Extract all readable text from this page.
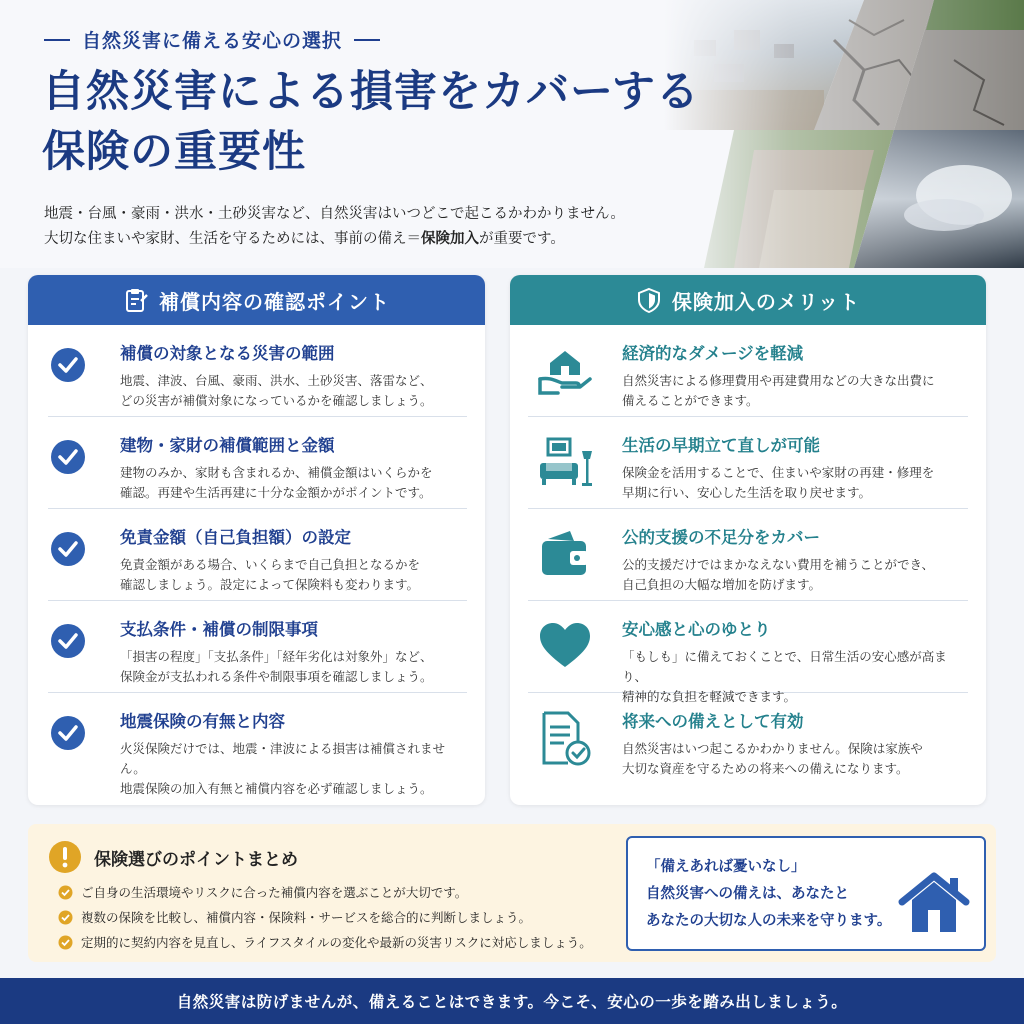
自然災害に備える安心の選択
自然災害による損害をカバーする
保険の重要性
地震・台風・豪雨・洪水・土砂災害など、自然災害はいつどこで起こるかわかりません。
大切な住まいや家財、生活を守るためには、事前の備え＝保険加入が重要です。
補償内容の確認ポイント
補償の対象となる災害の範囲
地震、津波、台風、豪雨、洪水、土砂災害、落雷など、
どの災害が補償対象になっているかを確認しましょう。
建物・家財の補償範囲と金額
建物のみか、家財も含まれるか、補償金額はいくらかを
確認。再建や生活再建に十分な金額かがポイントです。
免責金額（自己負担額）の設定
免責金額がある場合、いくらまで自己負担となるかを
確認しましょう。設定によって保険料も変わります。
支払条件・補償の制限事項
「損害の程度」「支払条件」「経年劣化は対象外」など、
保険金が支払われる条件や制限事項を確認しましょう。
地震保険の有無と内容
火災保険だけでは、地震・津波による損害は補償されません。
地震保険の加入有無と補償内容を必ず確認しましょう。
保険加入のメリット
経済的なダメージを軽減
自然災害による修理費用や再建費用などの大きな出費に
備えることができます。
生活の早期立て直しが可能
保険金を活用することで、住まいや家財の再建・修理を
早期に行い、安心した生活を取り戻せます。
公的支援の不足分をカバー
公的支援だけではまかなえない費用を補うことができ、
自己負担の大幅な増加を防げます。
安心感と心のゆとり
「もしも」に備えておくことで、日常生活の安心感が高まり、
精神的な負担を軽減できます。
将来への備えとして有効
自然災害はいつ起こるかわかりません。保険は家族や
大切な資産を守るための将来への備えになります。
保険選びのポイントまとめ
ご自身の生活環境やリスクに合った補償内容を選ぶことが大切です。
複数の保険を比較し、補償内容・保険料・サービスを総合的に判断しましょう。
定期的に契約内容を見直し、ライフスタイルの変化や最新の災害リスクに対応しましょう。
「備えあれば憂いなし」
自然災害への備えは、あなたと
あなたの大切な人の未来を守ります。
自然災害は防げませんが、備えることはできます。今こそ、安心の一歩を踏み出しましょう。
